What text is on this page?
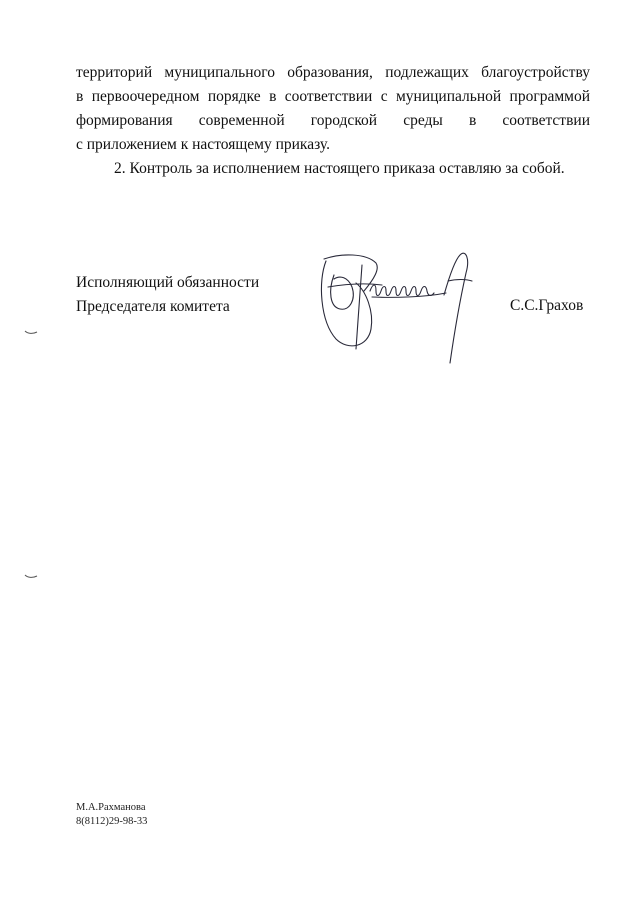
территорий муниципального образования, подлежащих благоустройству
в первоочередном порядке в соответствии с муниципальной программой
формирования современной городской среды в соответствии
с приложением к настоящему приказу.
2. Контроль за исполнением настоящего приказа оставляю за собой.
Исполняющий обязанности
Председателя комитета	С.С.Грахов
М.А.Рахманова
8(8112)29-98-33
